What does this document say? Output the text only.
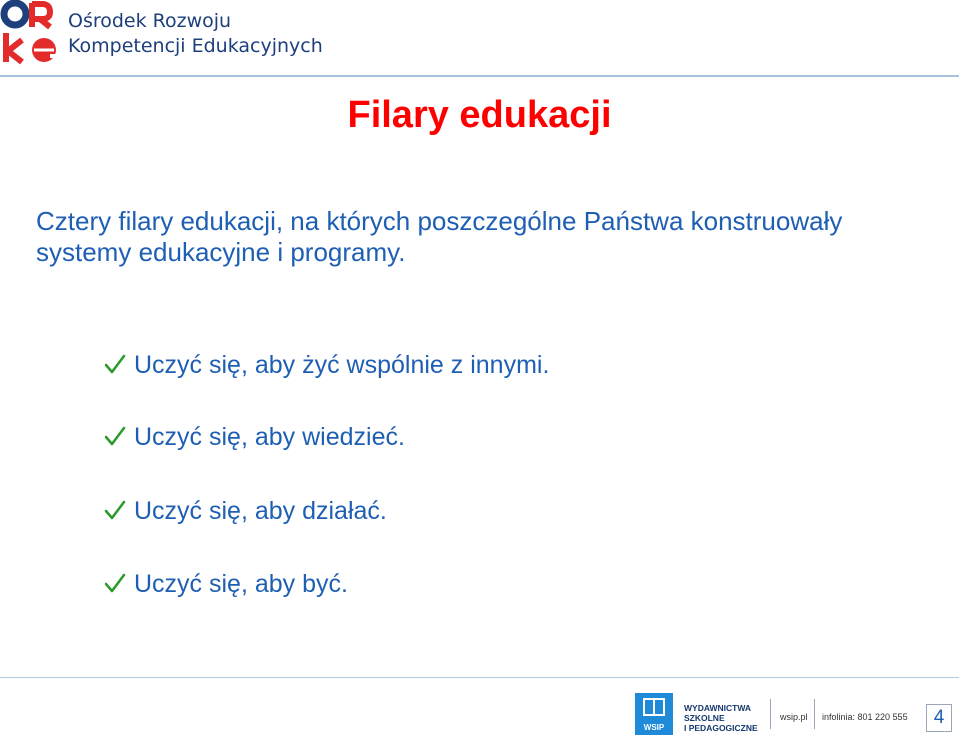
Ośrodek Rozwoju
Kompetencji Edukacyjnych
Filary edukacji
Cztery filary edukacji, na których poszczególne Państwa konstruowały
systemy edukacyjne i programy.
Uczyć się, aby żyć wspólnie z innymi.
Uczyć się, aby wiedzieć.
Uczyć się, aby działać.
Uczyć się, aby być.
WSIP
WYDAWNICTWA
SZKOLNE
I PEDAGOGICZNE
wsip.pl infolinia: 801 220 555	4
